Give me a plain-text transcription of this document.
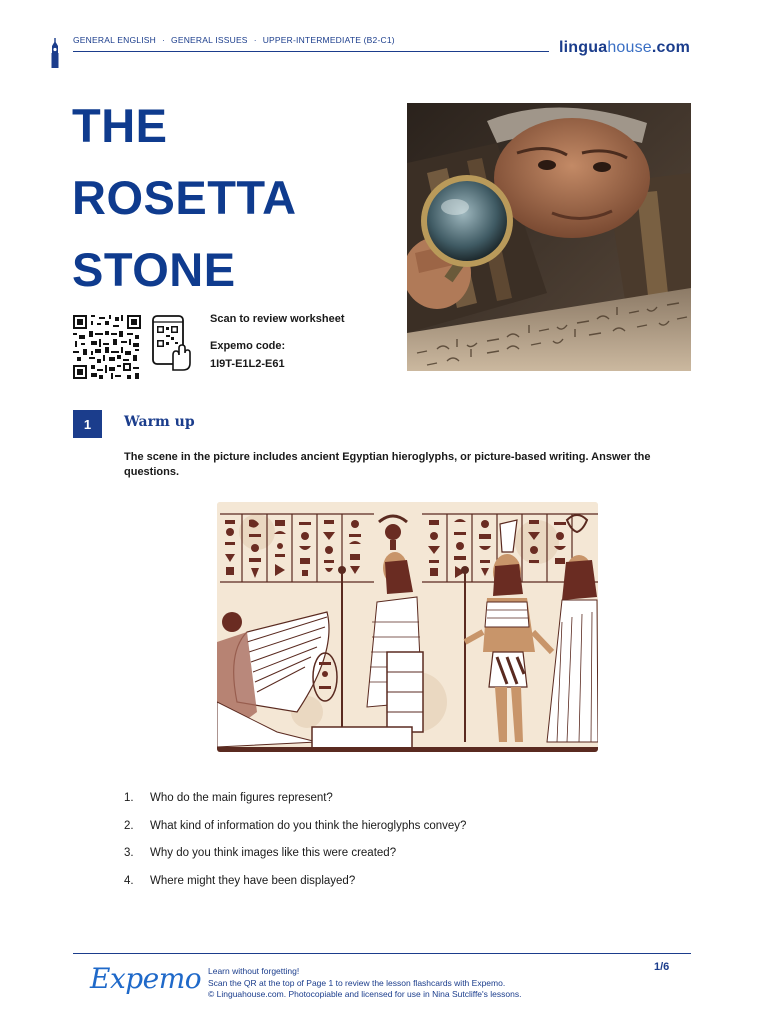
GENERAL ENGLISH · GENERAL ISSUES · UPPER-INTERMEDIATE (B2-C1)	linguahouse.com
THE
ROSETTA
STONE
Scan to review worksheet
Expemo code:
1I9T-E1L2-E61
1	Warm up
The scene in the picture includes ancient Egyptian hieroglyphs, or picture-based writing. Answer the questions.
1.	Who do the main figures represent?
2.	What kind of information do you think the hieroglyphs convey?
3.	Why do you think images like this were created?
4.	Where might they have been displayed?
Expemo Learn without forgetting!
Scan the QR at the top of Page 1 to review the lesson flashcards with Expemo.
© Linguahouse.com. Photocopiable and licensed for use in Nina Sutcliffe's lessons.
1/6
